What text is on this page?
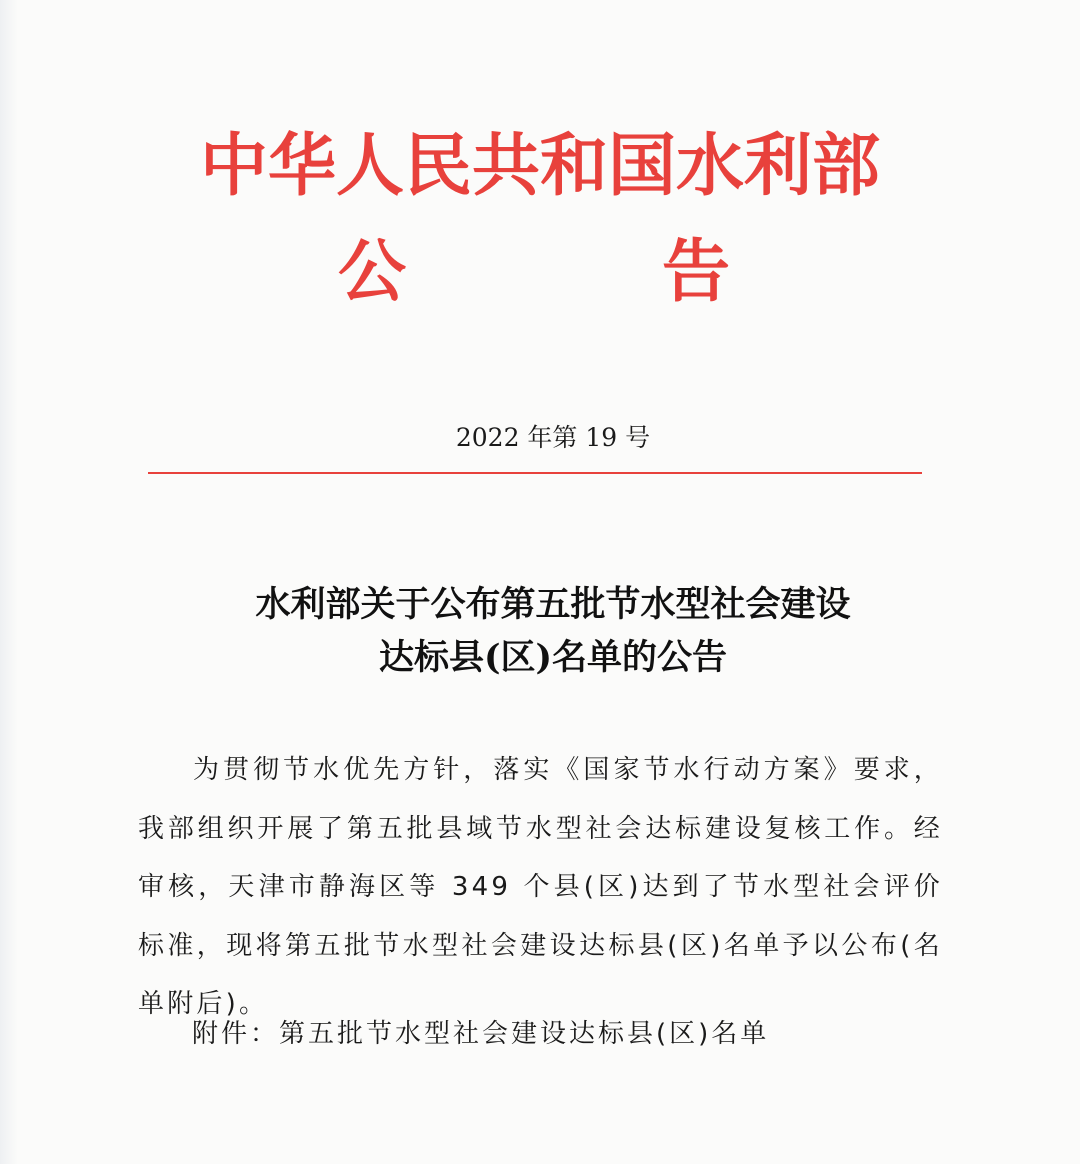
中华人民共和国水利部
公	告

2022 年第 19 号

水利部关于公布第五批节水型社会建设
达标县(区)名单的公告

为贯彻节水优先方针，落实《国家节水行动方案》要求，我部组织开展了第五批县域节水型社会达标建设复核工作。经审核，天津市静海区等 349 个县(区)达到了节水型社会评价标准，现将第五批节水型社会建设达标县(区)名单予以公布(名单附后)。

附件：第五批节水型社会建设达标县(区)名单
